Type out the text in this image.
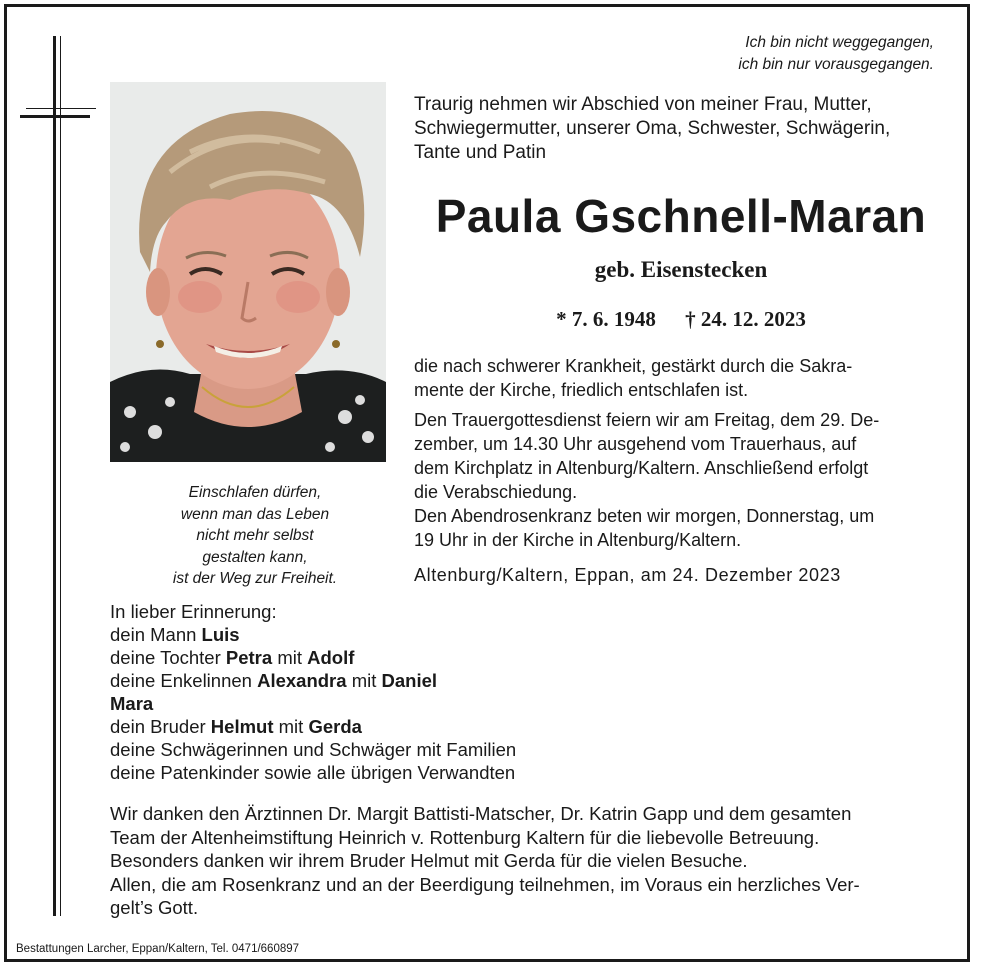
Ich bin nicht weggegangen,
ich bin nur vorausgegangen.
Einschlafen dürfen,
wenn man das Leben
nicht mehr selbst
gestalten kann,
ist der Weg zur Freiheit.
Traurig nehmen wir Abschied von meiner Frau, Mutter,
Schwiegermutter, unserer Oma, Schwester, Schwägerin,
Tante und Patin
Paula Gschnell-Maran
geb. Eisenstecken
* 7. 6. 1948 † 24. 12. 2023
die nach schwerer Krankheit, gestärkt durch die Sakra-
mente der Kirche, friedlich entschlafen ist.
Den Trauergottesdienst feiern wir am Freitag, dem 29. De-
zember, um 14.30 Uhr ausgehend vom Trauerhaus, auf
dem Kirchplatz in Altenburg/Kaltern. Anschließend erfolgt
die Verabschiedung.
Den Abendrosenkranz beten wir morgen, Donnerstag, um
19 Uhr in der Kirche in Altenburg/Kaltern.
Altenburg/Kaltern, Eppan, am 24. Dezember 2023
In lieber Erinnerung:
dein Mann Luis
deine Tochter Petra mit Adolf
deine Enkelinnen Alexandra mit Daniel
Mara
dein Bruder Helmut mit Gerda
deine Schwägerinnen und Schwäger mit Familien
deine Patenkinder sowie alle übrigen Verwandten
Wir danken den Ärztinnen Dr. Margit Battisti-Matscher, Dr. Katrin Gapp und dem gesamten
Team der Altenheimstiftung Heinrich v. Rottenburg Kaltern für die liebevolle Betreuung.
Besonders danken wir ihrem Bruder Helmut mit Gerda für die vielen Besuche.
Allen, die am Rosenkranz und an der Beerdigung teilnehmen, im Voraus ein herzliches Ver-
gelt’s Gott.
Bestattungen Larcher, Eppan/Kaltern, Tel. 0471/660897
